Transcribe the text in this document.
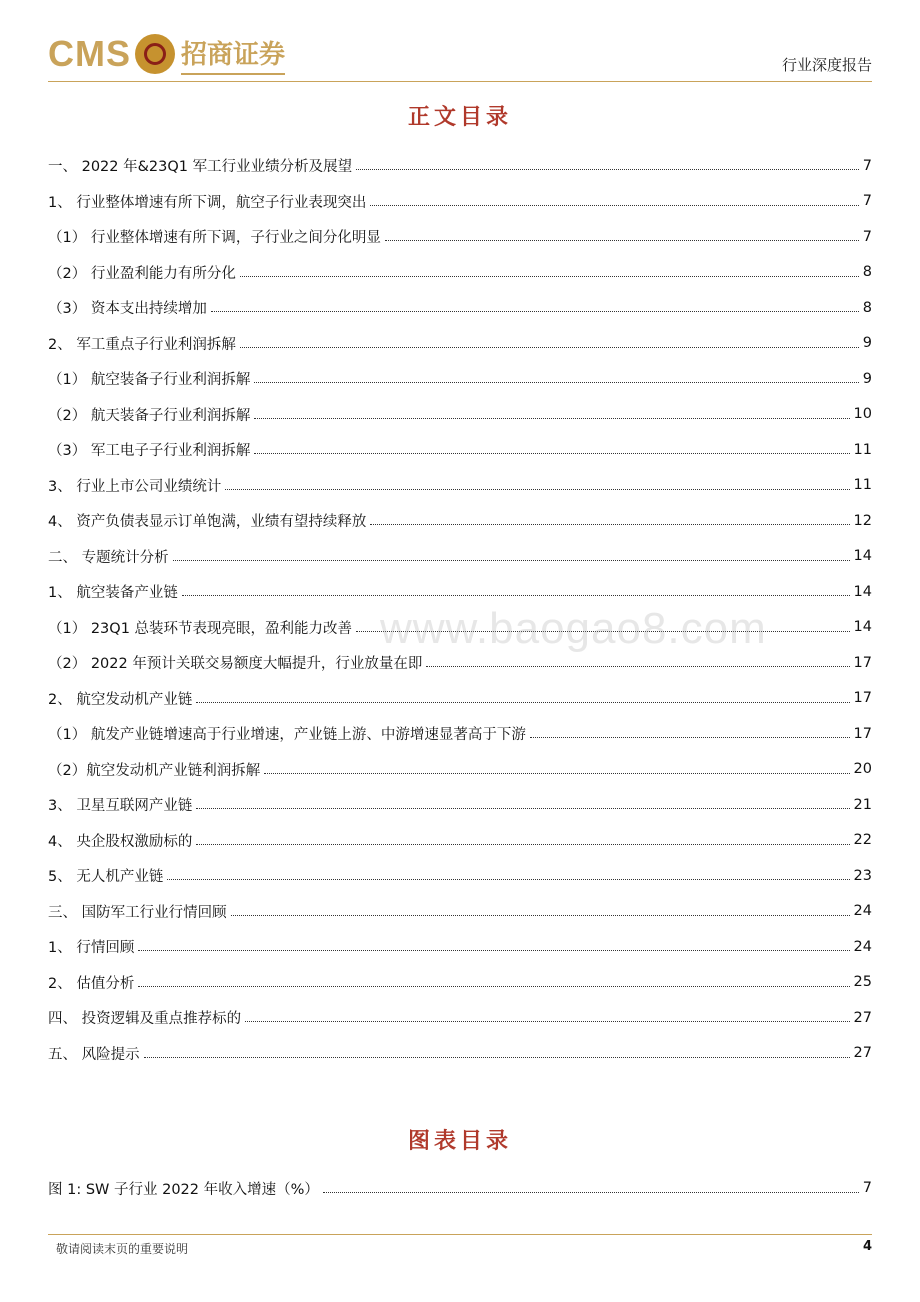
CMS 招商证券	行业深度报告
正文目录
一、 2022 年&23Q1 军工行业业绩分析及展望	7
1、 行业整体增速有所下调，航空子行业表现突出	7
（1） 行业整体增速有所下调，子行业之间分化明显	7
（2） 行业盈利能力有所分化	8
（3） 资本支出持续增加	8
2、 军工重点子行业利润拆解	9
（1） 航空装备子行业利润拆解	9
（2） 航天装备子行业利润拆解	10
（3） 军工电子子行业利润拆解	11
3、 行业上市公司业绩统计	11
4、 资产负债表显示订单饱满，业绩有望持续释放	12
二、 专题统计分析	14
1、 航空装备产业链	14
（1） 23Q1 总装环节表现亮眼，盈利能力改善	14
（2） 2022 年预计关联交易额度大幅提升，行业放量在即	17
2、 航空发动机产业链	17
（1） 航发产业链增速高于行业增速，产业链上游、中游增速显著高于下游	17
（2）航空发动机产业链利润拆解	20
3、 卫星互联网产业链	21
4、 央企股权激励标的	22
5、 无人机产业链	23
三、 国防军工行业行情回顾	24
1、 行情回顾	24
2、 估值分析	25
四、 投资逻辑及重点推荐标的	27
五、 风险提示	27
www.baogao8.com
图表目录
图 1: SW 子行业 2022 年收入增速（%）	7
敬请阅读末页的重要说明	4
